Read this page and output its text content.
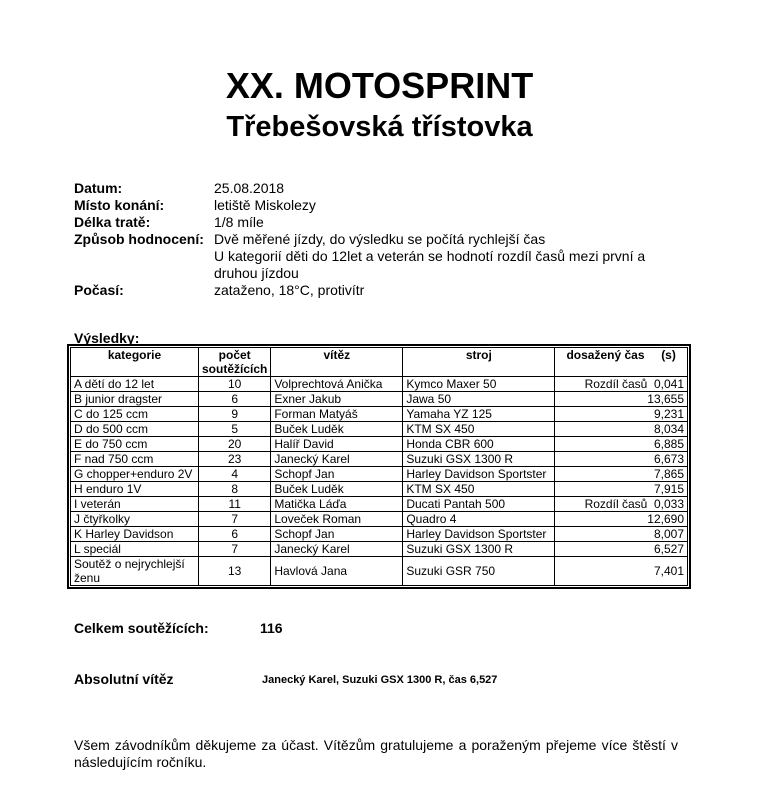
XX. MOTOSPRINT
Třebešovská třístovka
Datum:	25.08.2018
Místo konání:	letiště Miskolezy
Délka tratě:	1/8 míle
Způsob hodnocení: Dvě měřené jízdy, do výsledku se počítá rychlejší čas
U kategorií děti do 12let a veterán se hodnotí rozdíl časů mezi první a
druhou jízdou
Počasí:	zataženo, 18°C, protivítr
Výsledky:
kategorie	počet soutěžících	vítěz	stroj	dosažený čas (s)
A dětí do 12 let	10	Volprechtová Anička	Kymco Maxer 50	Rozdíl časů 0,041
B junior dragster	6	Exner Jakub	Jawa 50	13,655
C do 125 ccm	9	Forman Matyáš	Yamaha YZ 125	9,231
D do 500 ccm	5	Buček Luděk	KTM SX 450	8,034
E do 750 ccm	20	Halíř David	Honda CBR 600	6,885
F nad 750 ccm	23	Janecký Karel	Suzuki GSX 1300 R	6,673
G chopper+enduro 2V	4	Schopf Jan	Harley Davidson Sportster	7,865
H enduro 1V	8	Buček Luděk	KTM SX 450	7,915
I veterán	11	Matička Láďa	Ducati Pantah 500	Rozdíl časů 0,033
J čtyřkolky	7	Loveček Roman	Quadro 4	12,690
K Harley Davidson	6	Schopf Jan	Harley Davidson Sportster	8,007
L speciál	7	Janecký Karel	Suzuki GSX 1300 R	6,527
Soutěž o nejrychlejší ženu	13	Havlová Jana	Suzuki GSR 750	7,401
Celkem soutěžících:	116
Absolutní vítěz	Janecký Karel, Suzuki GSX 1300 R, čas 6,527
Všem závodníkům děkujeme za účast. Vítězům gratulujeme a poraženým přejeme více štěstí v následujícím ročníku.
